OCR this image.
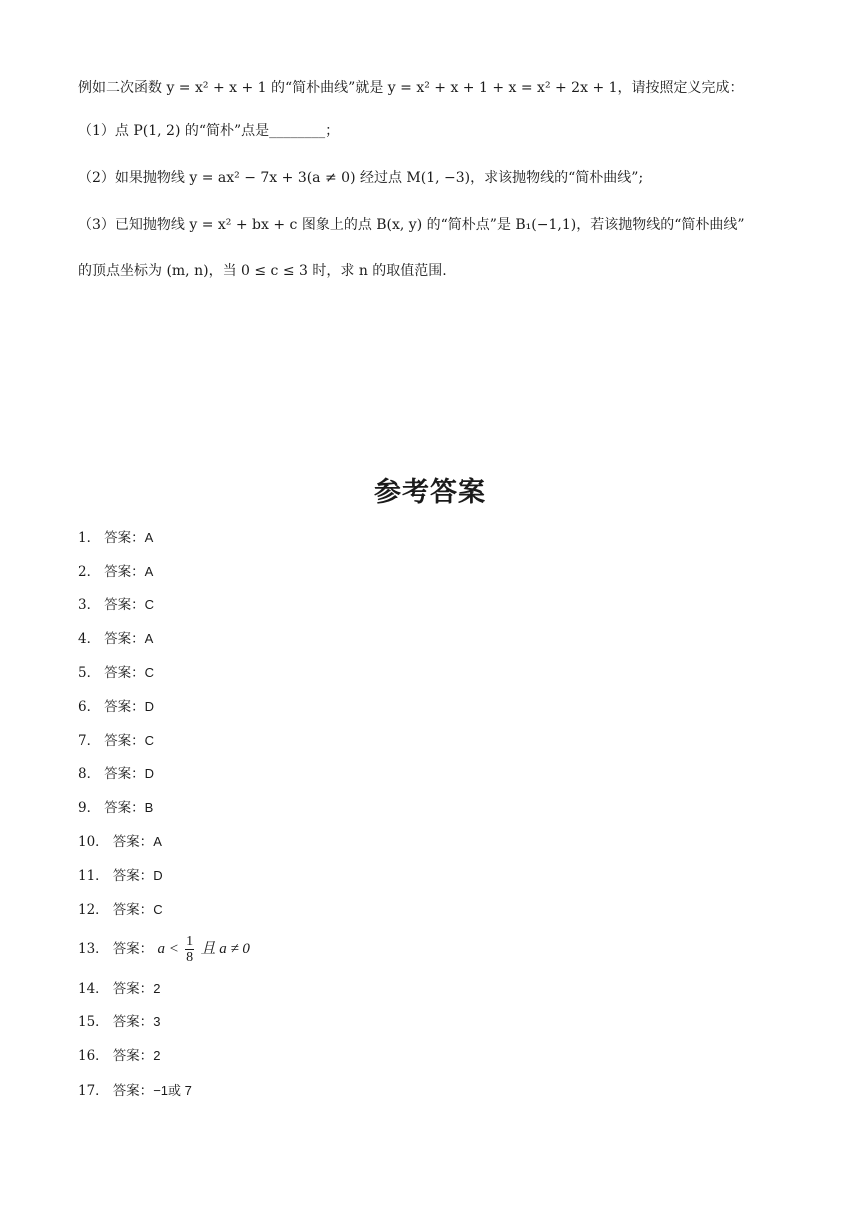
例如二次函数 y = x² + x + 1 的“简朴曲线”就是 y = x² + x + 1 + x = x² + 2x + 1，请按照定义完成：
（1）点 P(1, 2) 的“简朴”点是________；
（2）如果抛物线 y = ax² − 7x + 3(a ≠ 0) 经过点 M(1, −3)，求该抛物线的“简朴曲线”;
（3）已知抛物线 y = x² + bx + c 图象上的点 B(x, y) 的“简朴点”是 B₁(−1,1)，若该抛物线的“简朴曲线”
的顶点坐标为 (m, n)，当 0 ≤ c ≤ 3 时，求 n 的取值范围.
参考答案
1． 答案：A
2． 答案：A
3． 答案：C
4． 答案：A
5． 答案：C
6． 答案：D
7． 答案：C
8． 答案：D
9． 答案：B
10． 答案：A
11． 答案：D
12． 答案：C
13． 答案： $a < \frac{1}{8}$ 且 a ≠ 0
14． 答案：2
15． 答案：3
16． 答案：2
17． 答案：−1或 7
